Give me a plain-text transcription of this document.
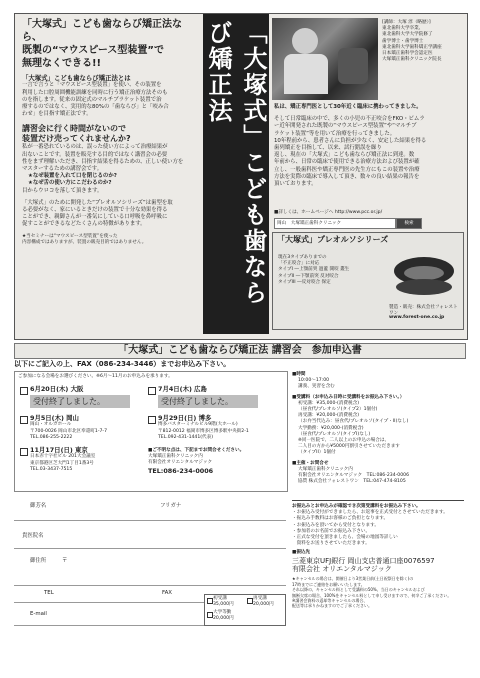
「大塚式」こども歯ならび矯正法なら、
既製の“マウスピース型装置”で
無理なくできる!!
「大塚式」こども歯ならび矯正法とは
一言で言うと「マウスピース型装置」を使い、その装置を
利用した口腔周囲機能訓練を同時に行う矯正治療方法そのも
のを指します。従来の固定式のマルチブラケット装置で治
療するのではなく、実用的な80%の「歯ならび」と「咬み合
わせ」を目指す矯正法です。
講習会に行く時間がないので
装置だけ売ってくれませんか?
私が一番恐れているのは、誤った使い方によって治療結果が
出ないことです。装置を販売する目的ではなく講習会の必要
性をまず理解いただき、目指す結果を得るための、正しい使い方を
マスターするための講習会です。
★なぜ装置を入れて口を閉じるのか?
★なぜ舌の使い方にこだわるのか?
目からウロコを落して頂きます。
「大塚式」のために開発した“プレオルソシリーズ”は歯型を取
る必要がなく、家にいるときだけの装置で十分な効果を得る
ことができ、親御さんが一番気にしている口呼吸を鼻呼吸に
促すことができるなどたくさんの特徴があります。
★当セミナーは“マウスピース型装置”を使った
内容構成ではありますが、装置の販売目的ではありません。	「大塚式」こども歯ならび矯正法	[講師：大塚 淳（略歴）]
東北歯科大学卒業、
東北歯科大学大学院修了
歯学博士・歯学博士
東北歯科大学歯科矯正学講座
日本矯正歯科学会認定医
大塚矯正歯科クリニック院長
私は、矯正専門医として30年近く臨床に携わってきました。
そして日常臨床の中で、多くの小児の不正咬合をFKO・ビムラ
ー近年開発された既製の“マウスピース型装置”や“マルチブ
ラケット装置”等を用いて治療を行ってきました。
10年程前から、患者さんに負担が少なく、安定した結果を得る
歯列矯正を目指して、以来、試行錯誤を繰り
返し、現在の「大塚式」こども歯ならび矯正法に到達。数
年前から、日常の臨床で使用できる治療方法および装置が確
立し、一般歯科医や矯正専門医の先生方にもこの装置や治療
方法を実際の臨床で導入して頂き、数々の良い結果の報告を
頂いております。
■詳しくは、ホームページへ http://www.pcc.or.jp/
岡山　大塚矯正歯科クリニック	検索
「大塚式」プレオルソシリーズ
現在3タイプありまでの
「不正咬合」に対応
タイプI ―上顎前突 過蓋 開咬 叢生
タイプII ―下顎前突 反対咬合
タイプIII ―反対咬合 保定
製造・販売：株式会社フォレストワン
www.forest-one.co.jp
「大塚式」こども歯ならび矯正法 講習会　参加申込書
以下にご記入の上、FAX（086-234-3446）までお申込み下さい。
ご参加になる会場をお選びください。※6月〜11月のお申込みを承ります。
6月20日(木) 大阪
受付終了しました。
7月4日(木) 広島
受付終了しました。
9月5日(木) 岡山
岡山・オルガホール
〒700-0026 岡山市北区奉還町1-7-7
TEL.086-255-2222
9月29日(日) 博多
博多バスターミナルビル9階(大ホール)
〒812-0012 福岡市博多区博多駅中央街2-1
TEL.092-431-1441(代表)
11月17日(日) 東京
日本赤十字社ビル 201大会議室
東京都港区芝大門1丁目1番3号
TEL.03-3437-7515
■ご不明な点は、下記までお問合せください。
大塚矯正歯科クリニック内
有限会社オリエンタルマジック
TEL:086-234-0006
御芳名	フリガナ
貴医院名
御住所	〒
TEL	FAX
E-mail
初受講
35,000円
再受講
20,000円
大学等勤
20,000円
■時間
10:00〜17:00
講義、実習を含む
■受講料（お申込み日時に受講料をお振込み下さい。）
初受講：¥35,000-(消費税含)
（昼食代/プレオルソ(タイプ2）1個付)
再受講：¥20,000-(消費税含)
（お弁当代込み：昼食代/プレオルソ(タイプ・II)なし)
大学勤務：¥20,000-(消費税含)
（昼食代/プレオルソ(タイプI)なし)
※同一医院で、二人以上のお申込の場合は、
二人目の方から¥5000円割引させていただきます
（タイプII）1個付
■主催・お問合せ
大塚矯正歯科クリニック内
有限会社オリエンタルマジック　TEL:086-234-0006
協賛 株式会社フォレストワン　TEL:047-474-8105
お振込みとお申込みが確認でき次第受講料をお振込み下さい。
・お振込み受付ができましたら、お返事を正式受付とさせていただきます。
・振込み手数料はお客様のご負担となります。
・お振込みを頂いてから受付となります。
・参加者のお名前でお振込み下さい。
・正式な受付を頂きましたら、会場の地図等詳しい
　資料をお送りさせていただきます。
■振込先
三菱東京UFJ銀行 岡山支店普通口座0076597
有限会社 オリエンタルマジック
★キャンセルの場合は、開催日より3営業日前(土日祝祭日を除く)の
17時までにご連絡をお願いいたします。
それ以降の、キャンセル料として受講料の50%、当日のキャンセルおよび
無断欠席の場合、100%をキャンセル料として申し受けますので、何卒ご了承ください。
※講習会資料の返却等キャンセルの場合、
配送等は承りかねますのでご了承ください。
